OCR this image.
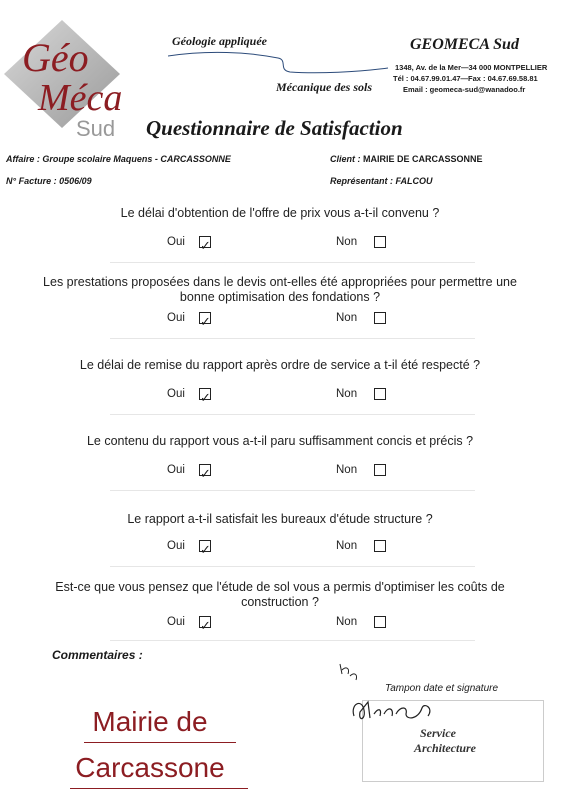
Géo
Méca
Sud
Géologie appliquée
Mécanique des sols
GEOMECA Sud
1348, Av. de la Mer—34 000 MONTPELLIER
Tél : 04.67.99.01.47—Fax : 04.67.69.58.81
Email : geomeca-sud@wanadoo.fr
Questionnaire de Satisfaction
Affaire : Groupe scolaire Maquens - CARCASSONNE	Client : MAIRIE DE CARCASSONNE
N° Facture : 0506/09	Représentant : FALCOU
Le délai d'obtention de l'offre de prix vous a-t-il convenu ?
Oui ✓	Non
Les prestations proposées dans le devis ont-elles été appropriées pour permettre une bonne optimisation des fondations ?
Oui ✓	Non
Le délai de remise du rapport après ordre de service a t-il été respecté ?
Oui ✓	Non
Le contenu du rapport vous a-t-il paru suffisamment concis et précis ?
Oui ✓	Non
Le rapport a-t-il satisfait les bureaux d'étude structure ?
Oui ✓	Non
Est-ce que vous pensez que l'étude de sol vous a permis d'optimiser les coûts de construction ?
Oui ✓	Non
Commentaires :
Tampon date et signature
Service
Architecture
Mairie de
Carcassone
